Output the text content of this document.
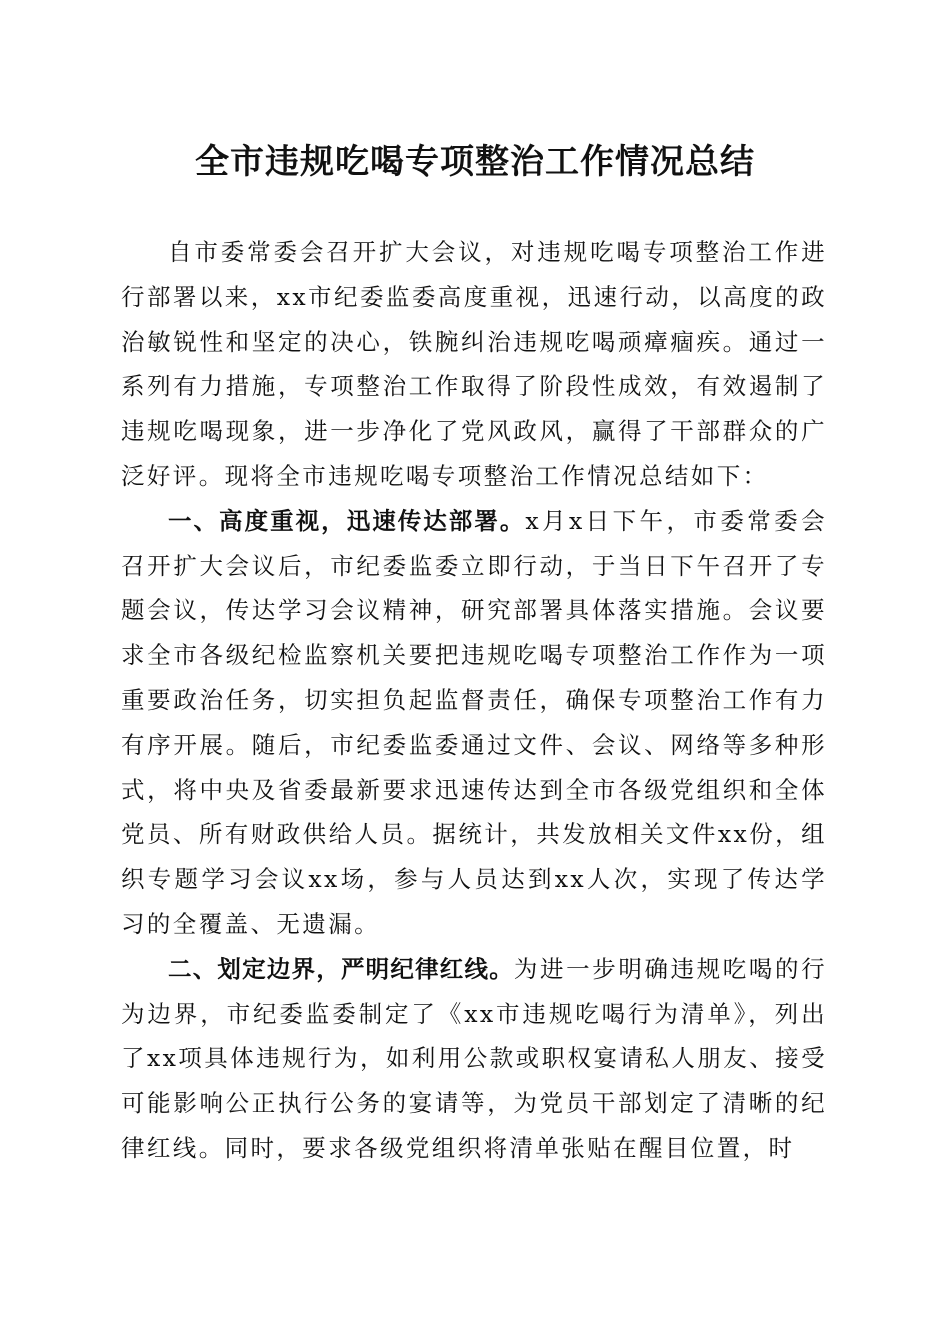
全市违规吃喝专项整治工作情况总结

自市委常委会召开扩大会议，对违规吃喝专项整治工作进行部署以来，xx市纪委监委高度重视，迅速行动，以高度的政治敏锐性和坚定的决心，铁腕纠治违规吃喝顽瘴痼疾。通过一系列有力措施，专项整治工作取得了阶段性成效，有效遏制了违规吃喝现象，进一步净化了党风政风，赢得了干部群众的广泛好评。现将全市违规吃喝专项整治工作情况总结如下：

一、高度重视，迅速传达部署。x月x日下午，市委常委会召开扩大会议后，市纪委监委立即行动，于当日下午召开了专题会议，传达学习会议精神，研究部署具体落实措施。会议要求全市各级纪检监察机关要把违规吃喝专项整治工作作为一项重要政治任务，切实担负起监督责任，确保专项整治工作有力有序开展。随后，市纪委监委通过文件、会议、网络等多种形式，将中央及省委最新要求迅速传达到全市各级党组织和全体党员、所有财政供给人员。据统计，共发放相关文件xx份，组织专题学习会议xx场，参与人员达到xx人次，实现了传达学习的全覆盖、无遗漏。

二、划定边界，严明纪律红线。为进一步明确违规吃喝的行为边界，市纪委监委制定了《xx市违规吃喝行为清单》，列出了xx项具体违规行为，如利用公款或职权宴请私人朋友、接受可能影响公正执行公务的宴请等，为党员干部划定了清晰的纪律红线。同时，要求各级党组织将清单张贴在醒目位置，时
